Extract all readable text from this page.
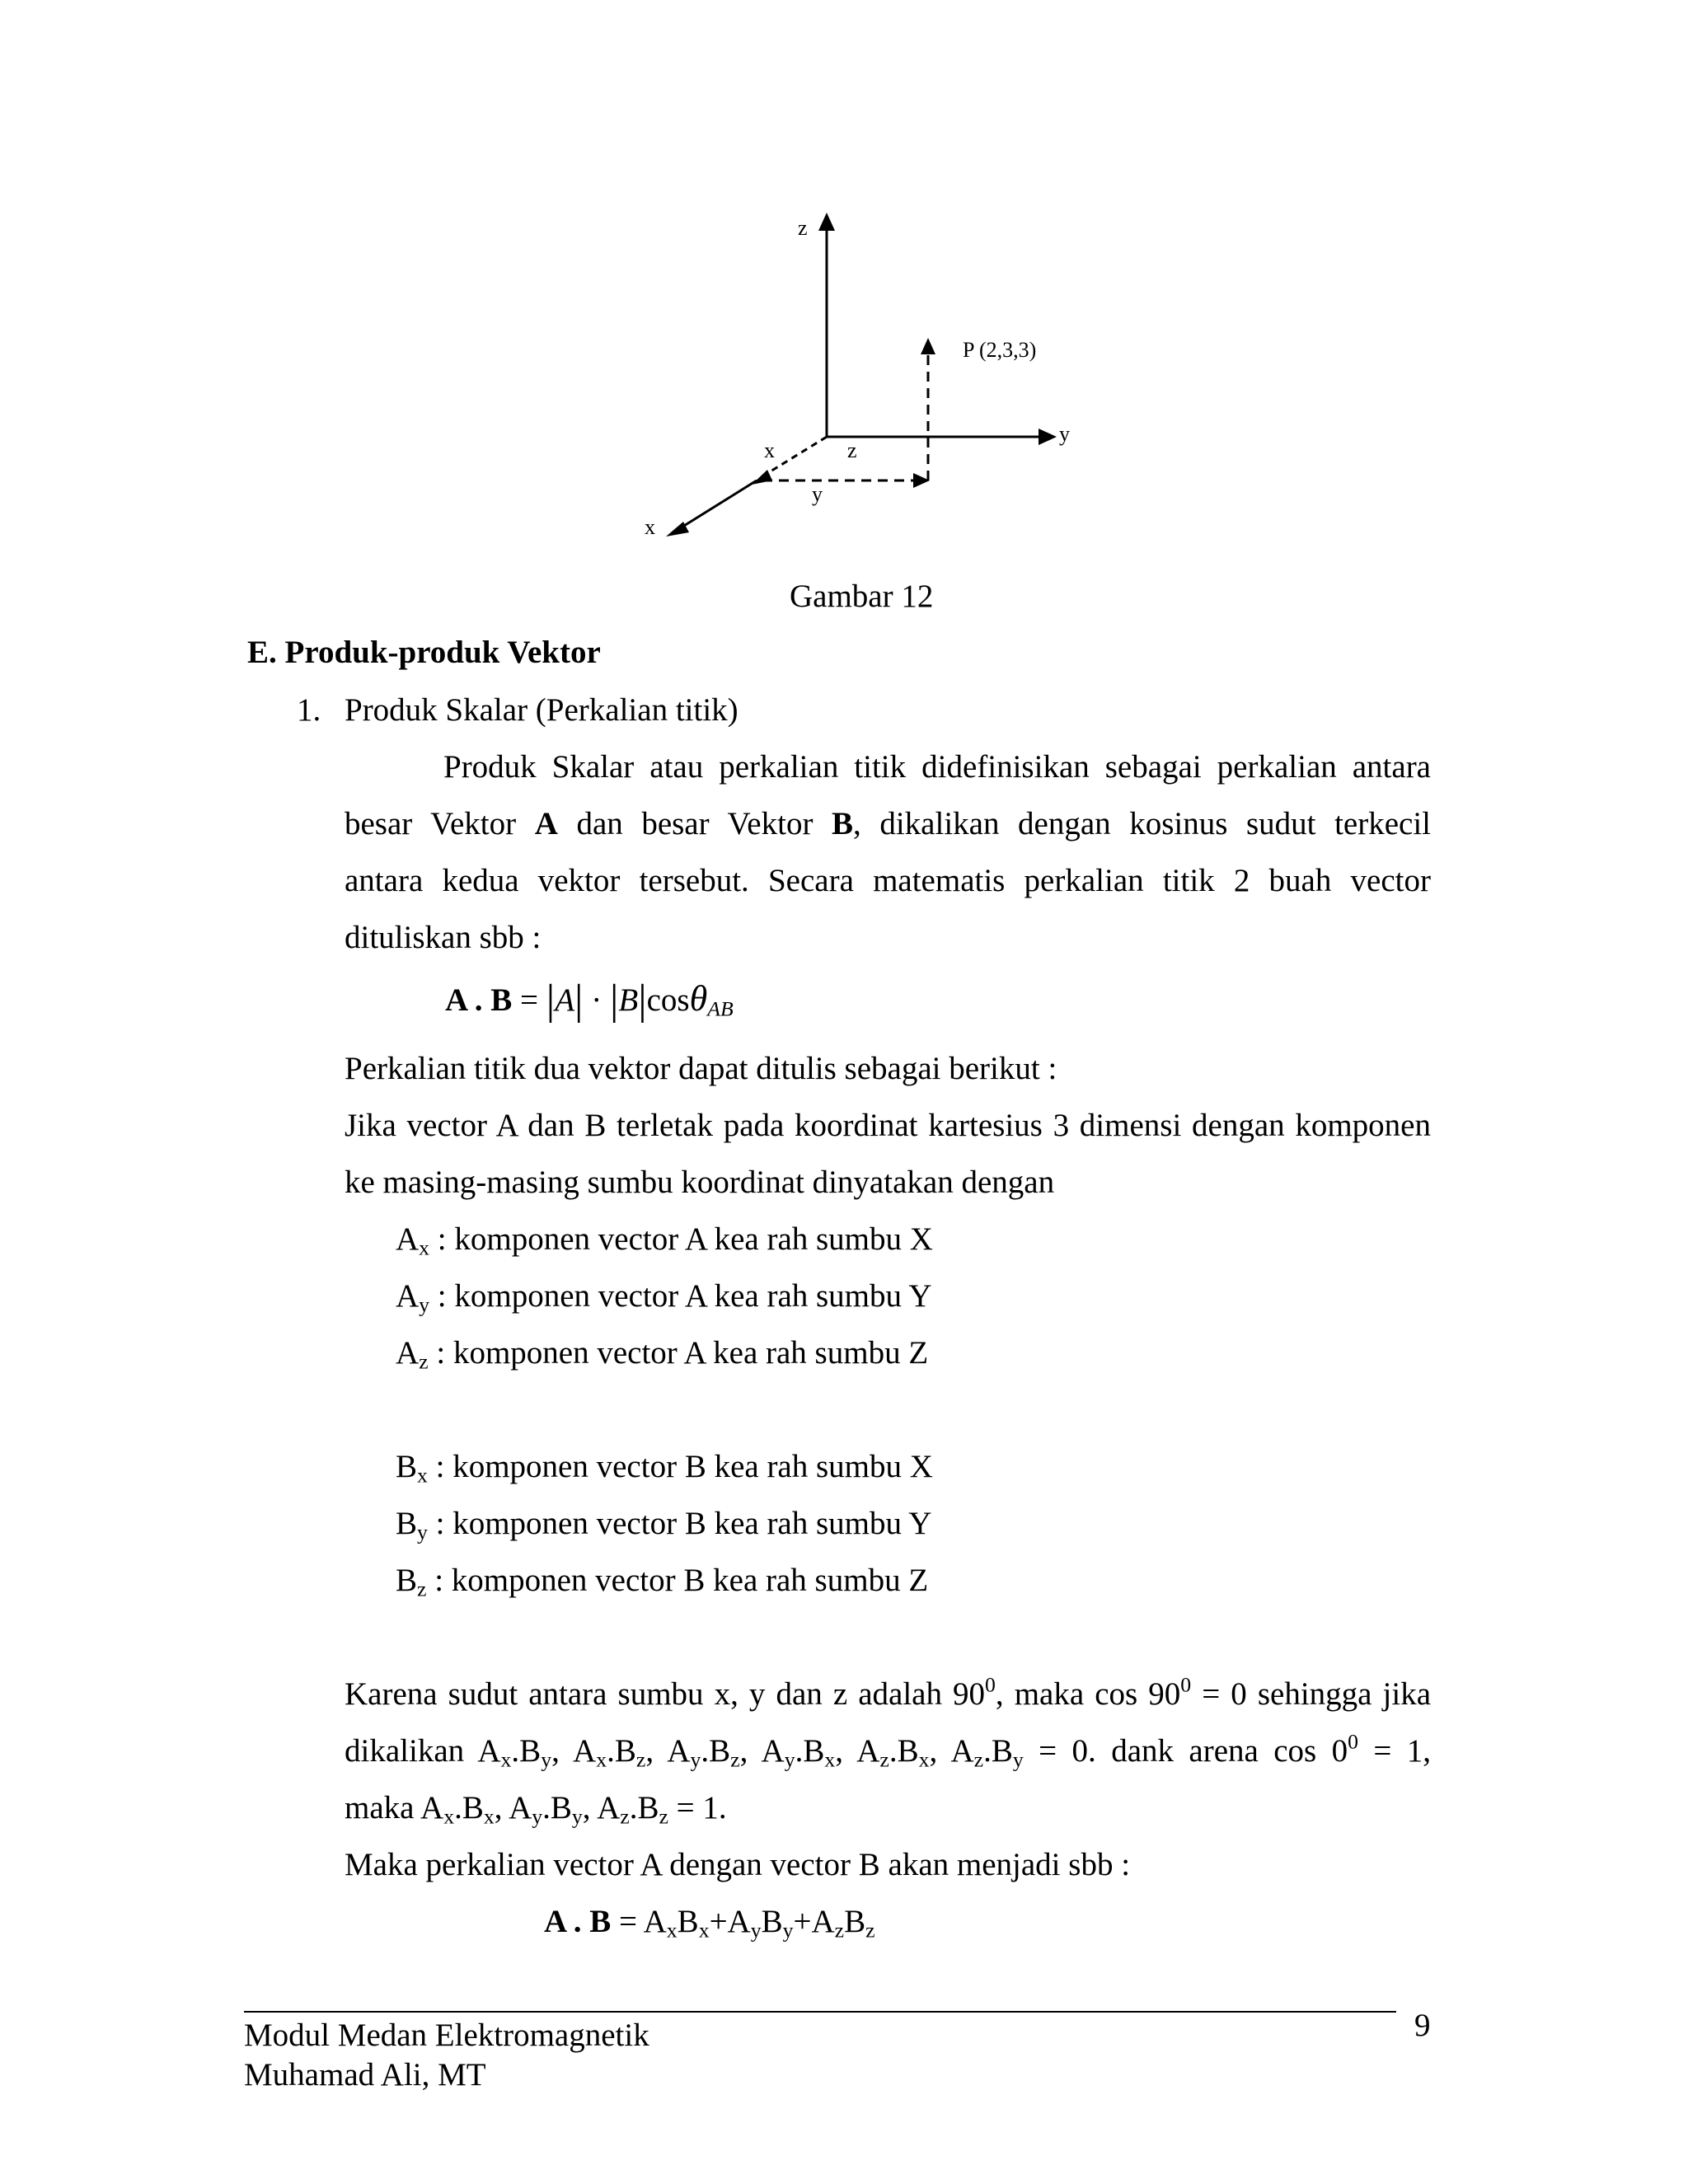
z
y
x
P (2,3,3)
x	z
y
Gambar 12
E. Produk-produk Vektor
1. Produk Skalar (Perkalian titik)
Produk Skalar atau perkalian titik didefinisikan sebagai perkalian antara
besar Vektor A dan besar Vektor B, dikalikan dengan kosinus sudut terkecil
antara kedua vektor tersebut. Secara matematis perkalian titik 2 buah vector
dituliskan sbb :
A . B = |A| · |B|cosθ$_{AB}$
Perkalian titik dua vektor dapat ditulis sebagai berikut :
Jika vector A dan B terletak pada koordinat kartesius 3 dimensi dengan komponen
ke masing-masing sumbu koordinat dinyatakan dengan
$A_x$ : komponen vector A kea rah sumbu X
$A_y$ : komponen vector A kea rah sumbu Y
$A_z$ : komponen vector A kea rah sumbu Z
$B_x$ : komponen vector B kea rah sumbu X
$B_y$ : komponen vector B kea rah sumbu Y
$B_z$ : komponen vector B kea rah sumbu Z
Karena sudut antara sumbu x, y dan z adalah $90^0$, maka $\cos 90^0 = 0$ sehingga jika
dikalikan $A_x.B_y$, $A_x.B_z$, $A_y.B_z$, $A_y.B_x$, $A_z.B_x$, $A_z.B_y = 0$. dank arena $\cos 0^0 = 1$,
maka $A_x.B_x$, $A_y.B_y$, $A_z.B_z = 1$.
Maka perkalian vector A dengan vector B akan menjadi sbb :
A . $B = A_xB_x+A_yB_y+A_zB_z$
Modul Medan Elektromagnetik
Muhamad Ali, MT
9
